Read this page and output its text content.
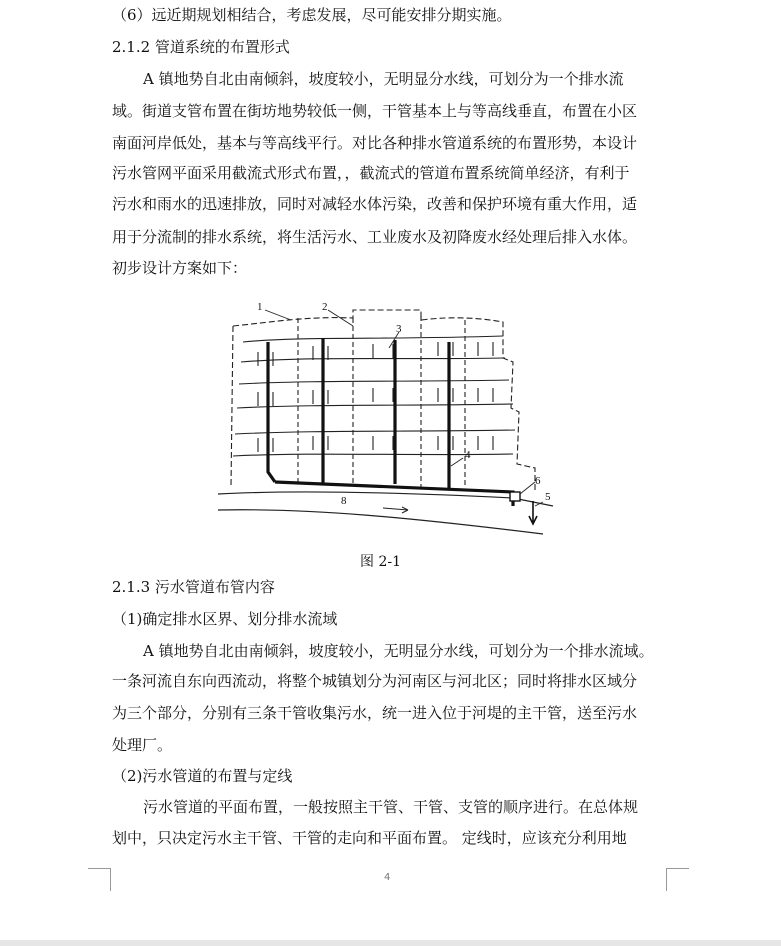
（6）远近期规划相结合，考虑发展，尽可能安排分期实施。
2.1.2 管道系统的布置形式
A 镇地势自北由南倾斜，坡度较小，无明显分水线，可划分为一个排水流
域。街道支管布置在街坊地势较低一侧，干管基本上与等高线垂直，布置在小区
南面河岸低处，基本与等高线平行。对比各种排水管道系统的布置形势，本设计
污水管网平面采用截流式形式布置，，截流式的管道布置系统简单经济，有利于
污水和雨水的迅速排放，同时对减轻水体污染，改善和保护环境有重大作用，适
用于分流制的排水系统，将生活污水、工业废水及初降废水经处理后排入水体。
初步设计方案如下：
1	2
3
4
5
6
8
图 2-1
2.1.3 污水管道布管内容
（1)确定排水区界、划分排水流域
A 镇地势自北由南倾斜，坡度较小，无明显分水线，可划分为一个排水流域。
一条河流自东向西流动，将整个城镇划分为河南区与河北区；同时将排水区域分
为三个部分，分别有三条干管收集污水，统一进入位于河堤的主干管，送至污水
处理厂。
（2)污水管道的布置与定线
污水管道的平面布置，一般按照主干管、干管、支管的顺序进行。在总体规
划中，只决定污水主干管、干管的走向和平面布置。 定线时，应该充分利用地
4
